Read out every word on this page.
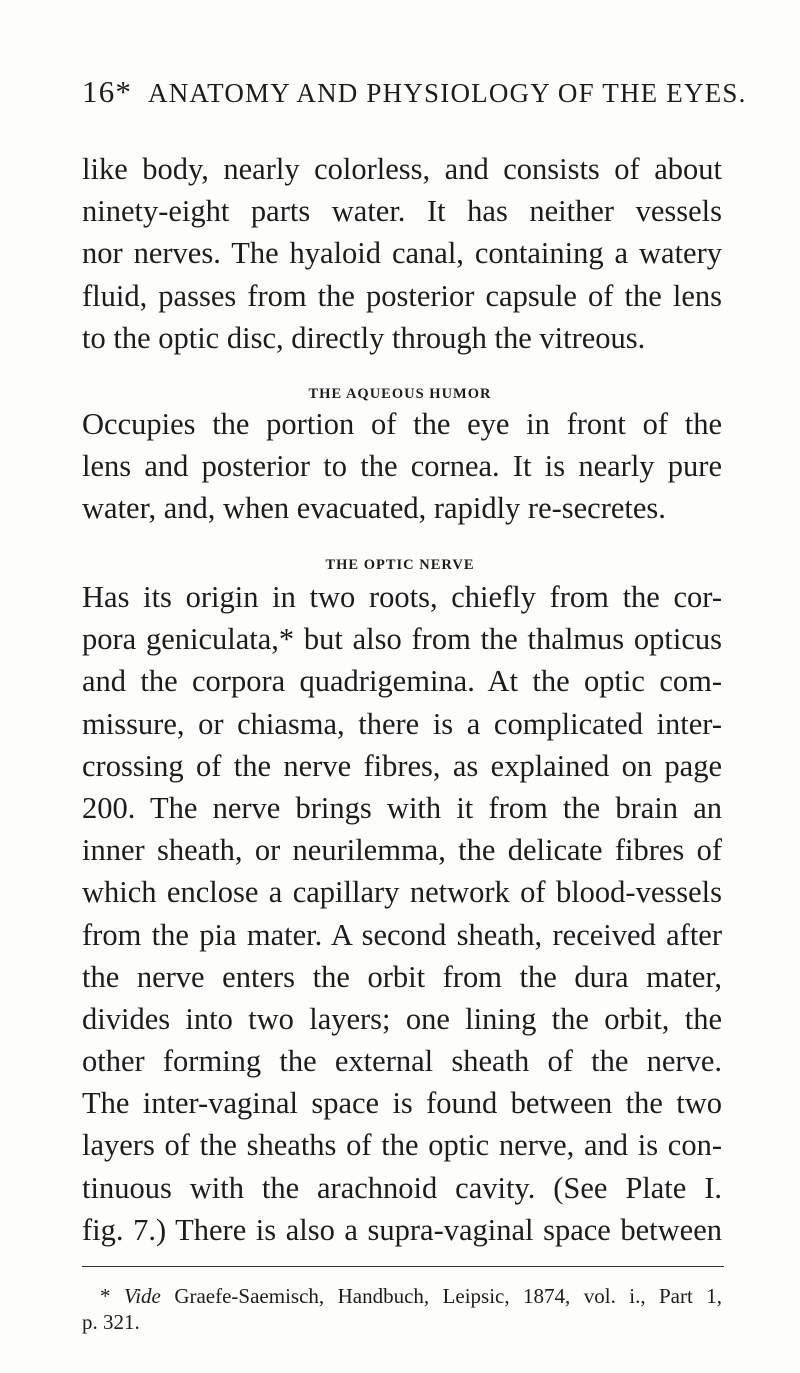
16* ANATOMY AND PHYSIOLOGY OF THE EYES.
like body, nearly colorless, and consists of about
ninety-eight parts water. It has neither vessels
nor nerves. The hyaloid canal, containing a watery
fluid, passes from the posterior capsule of the lens
to the optic disc, directly through the vitreous.
THE AQUEOUS HUMOR
Occupies the portion of the eye in front of the
lens and posterior to the cornea. It is nearly pure
water, and, when evacuated, rapidly re-secretes.
THE OPTIC NERVE
Has its origin in two roots, chiefly from the cor-
pora geniculata,* but also from the thalmus opticus
and the corpora quadrigemina. At the optic com-
missure, or chiasma, there is a complicated inter-
crossing of the nerve fibres, as explained on page
200. The nerve brings with it from the brain an
inner sheath, or neurilemma, the delicate fibres of
which enclose a capillary network of blood-vessels
from the pia mater. A second sheath, received after
the nerve enters the orbit from the dura mater,
divides into two layers; one lining the orbit, the
other forming the external sheath of the nerve.
The inter-vaginal space is found between the two
layers of the sheaths of the optic nerve, and is con-
tinuous with the arachnoid cavity. (See Plate I.
fig. 7.) There is also a supra-vaginal space between
* Vide Graefe-Saemisch, Handbuch, Leipsic, 1874, vol. i., Part 1,
p. 321.
